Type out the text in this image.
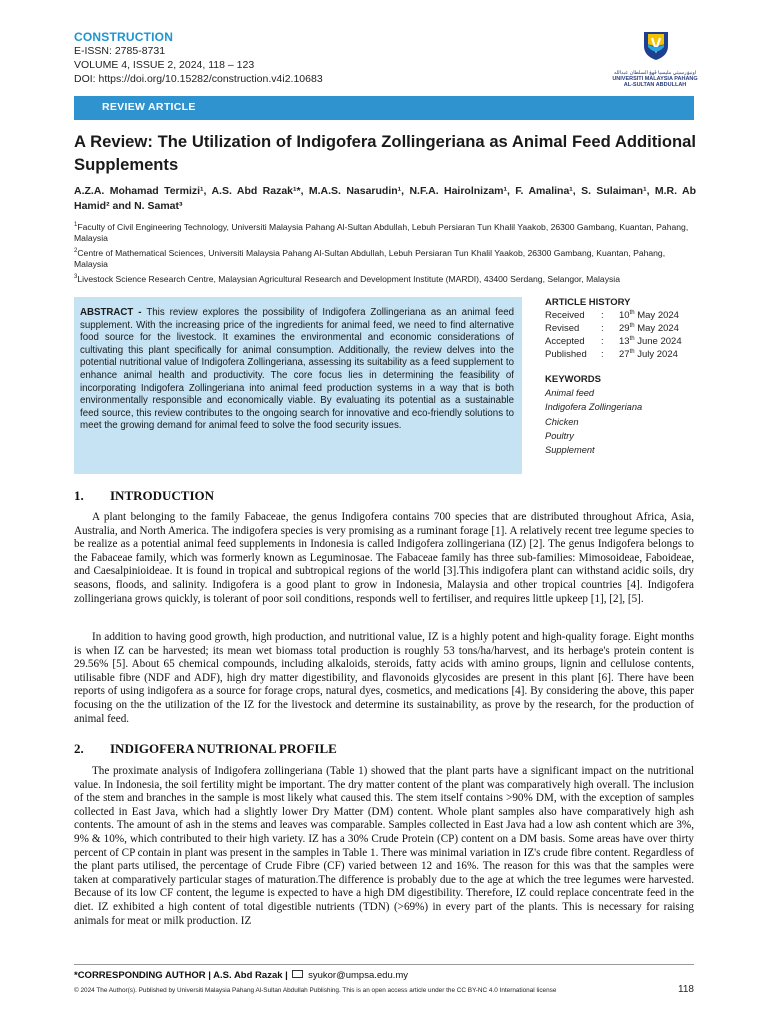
CONSTRUCTION
E-ISSN: 2785-8731
VOLUME 4, ISSUE 2, 2024, 118 – 123
DOI: https://doi.org/10.15282/construction.v4i2.10683	اونيۏرسيتي مليسيا ڤهڠ السلطان عبدالله
UNIVERSITI MALAYSIA PAHANG
AL-SULTAN ABDULLAH
REVIEW ARTICLE
A Review: The Utilization of Indigofera Zollingeriana as Animal Feed Additional Supplements
A.Z.A. Mohamad Termizi¹, A.S. Abd Razak¹*, M.A.S. Nasarudin¹, N.F.A. Hairolnizam¹, F. Amalina¹, S. Sulaiman¹, M.R. Ab Hamid² and N. Samat³
$^1$Faculty of Civil Engineering Technology, Universiti Malaysia Pahang Al-Sultan Abdullah, Lebuh Persiaran Tun Khalil Yaakob, 26300 Gambang, Kuantan, Pahang, Malaysia
$^2$Centre of Mathematical Sciences, Universiti Malaysia Pahang Al-Sultan Abdullah, Lebuh Persiaran Tun Khalil Yaakob, 26300 Gambang, Kuantan, Pahang, Malaysia
$^3$Livestock Science Research Centre, Malaysian Agricultural Research and Development Institute (MARDI), 43400 Serdang, Selangor, Malaysia
ABSTRACT - This review explores the possibility of Indigofera Zollingeriana as an animal feed supplement. With the increasing price of the ingredients for animal feed, we need to find alternative food source for the livestock. It examines the environmental and economic considerations of cultivating this plant specifically for animal consumption. Additionally, the review delves into the potential nutritional value of Indigofera Zollingeriana, assessing its suitability as a feed supplement to enhance animal health and productivity. The core focus lies in determining the feasibility of incorporating Indigofera Zollingeriana into animal feed production systems in a way that is both environmentally responsible and economically viable. By evaluating its potential as a sustainable feed source, this review contributes to the ongoing search for innovative and eco-friendly solutions to meet the growing demand for animal feed to solve the food security issues.
ARTICLE HISTORY
Received : 10th May 2024
Revised : 29th May 2024
Accepted : 13th June 2024
Published : 27th July 2024
KEYWORDS
Animal feed
Indigofera Zollingeriana
Chicken
Poultry
Supplement
1. INTRODUCTION

A plant belonging to the family Fabaceae, the genus Indigofera contains 700 species that are distributed throughout Africa, Asia, Australia, and North America. The indigofera species is very promising as a ruminant forage [1]. A relatively recent tree legume species to be realize as a potential animal feed supplements in Indonesia is called Indigofera zollingeriana (IZ) [2]. The genus Indigofera belongs to the Fabaceae family, which was formerly known as Leguminosae. The Fabaceae family has three sub-families: Mimosoideae, Faboideae, and Caesalpinioideae. It is found in tropical and subtropical regions of the world [3].This indigofera plant can withstand acidic soils, dry seasons, floods, and salinity. Indigofera is a good plant to grow in Indonesia, Malaysia and other tropical countries [4]. Indigofera zollingeriana grows quickly, is tolerant of poor soil conditions, responds well to fertiliser, and requires little upkeep [1], [2], [5].

In addition to having good growth, high production, and nutritional value, IZ is a highly potent and high-quality forage. Eight months is when IZ can be harvested; its mean wet biomass total production is roughly 53 tons/ha/harvest, and its herbage's protein content is 29.56% [5]. About 65 chemical compounds, including alkaloids, steroids, fatty acids with amino groups, lignin and cellulose contents, utilisable fibre (NDF and ADF), high dry matter digestibility, and flavonoids glycosides are present in this plant [6]. There have been reports of using indigofera as a source for forage crops, natural dyes, cosmetics, and medications [4]. By considering the above, this paper focusing on the the utilization of the IZ for the livestock and determine its sustainability, as prove by the research, for the production of animal feed.

2. INDIGOFERA NUTRIONAL PROFILE

The proximate analysis of Indigofera zollingeriana (Table 1) showed that the plant parts have a significant impact on the nutritional value. In Indonesia, the soil fertility might be important. The dry matter content of the plant was comparatively high overall. The inclusion of the stem and branches in the sample is most likely what caused this. The stem itself contains >90% DM, with the exception of samples collected in East Java, which had a slightly lower Dry Matter (DM) content. Whole plant samples also have comparatively high ash contents. The amount of ash in the stems and leaves was comparable. Samples collected in East Java had a low ash content which are 3%, 9% & 10%, which contributed to their high variety. IZ has a 30% Crude Protein (CP) content on a DM basis. Some areas have over thirty percent of CP contain in plant was present in the samples in Table 1. There was minimal variation in IZ's crude fibre content. Regardless of the plant parts utilised, the percentage of Crude Fibre (CF) varied between 12 and 16%. The reason for this was that the samples were taken at comparatively particular stages of maturation.The difference is probably due to the age at which the tree legumes were harvested. Because of its low CF content, the legume is expected to have a high DM digestibility. Therefore, IZ could replace concentrate feed in the diet. IZ exhibited a high content of total digestible nutrients (TDN) (>69%) in every part of the plants. This is necessary for raising animals for meat or milk production. IZ

*CORRESPONDING AUTHOR | A.S. Abd Razak | syukor@umpsa.edu.my
© 2024 The Author(s). Published by Universiti Malaysia Pahang Al-Sultan Abdullah Publishing. This is an open access article under the CC BY-NC 4.0 International license	118
